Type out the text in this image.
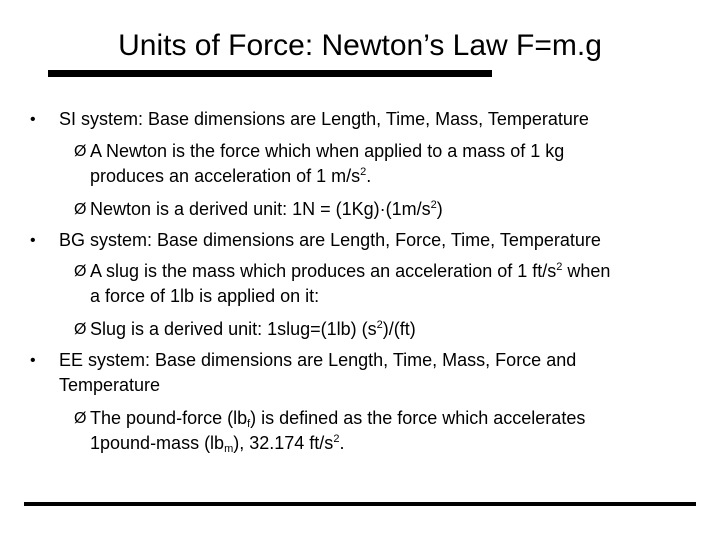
Units of Force: Newton’s Law F=m.g
• SI system: Base dimensions are Length, Time, Mass, Temperature
Ø A Newton is the force which when applied to a mass of 1 kg
produces an acceleration of 1 $m/s^2$.
Ø Newton is a derived unit: $1N = (1Kg)\cdot(1m/s^2)$
• BG system: Base dimensions are Length, Force, Time, Temperature
Ø A slug is the mass which produces an acceleration of 1 $ft/s^2$ when
a force of 1lb is applied on it:
Ø Slug is a derived unit: 1slug=(1lb) $(s^2)/(ft)$
• EE system: Base dimensions are Length, Time, Mass, Force and
Temperature
Ø The pound-force $(lb_f)$ is defined as the force which accelerates
1pound-mass $(lb_m)$, 32.174 $ft/s^2$.
